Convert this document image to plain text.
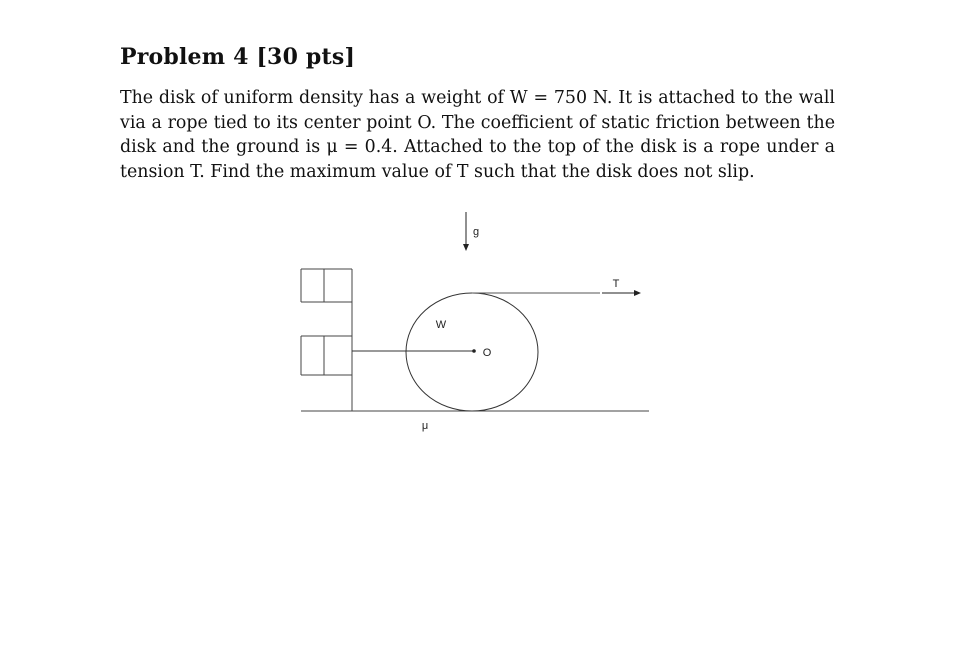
Problem 4 [30 pts]
The disk of uniform density has a weight of W = 750 N. It is attached to the wall
via a rope tied to its center point O. The coefficient of static friction between the
disk and the ground is μ = 0.4. Attached to the top of the disk is a rope under a
tension T. Find the maximum value of T such that the disk does not slip.
g
T
W
O
μ
